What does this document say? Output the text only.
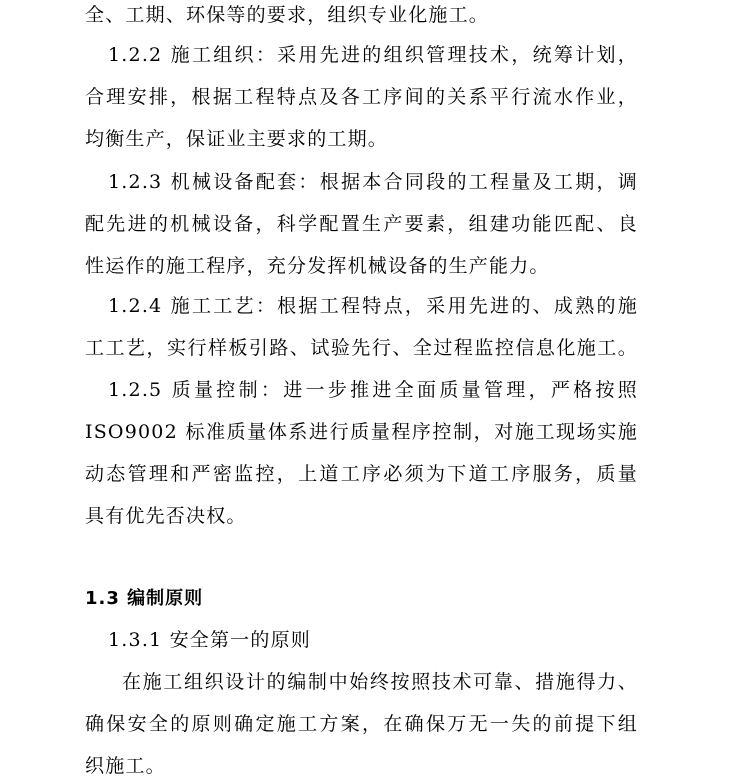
全、工期、环保等的要求，组织专业化施工。
1.2.2 施工组织：采用先进的组织管理技术，统筹计划，
合理安排，根据工程特点及各工序间的关系平行流水作业，
均衡生产，保证业主要求的工期。
1.2.3 机械设备配套：根据本合同段的工程量及工期，调
配先进的机械设备，科学配置生产要素，组建功能匹配、良
性运作的施工程序，充分发挥机械设备的生产能力。
1.2.4 施工工艺：根据工程特点，采用先进的、成熟的施
工工艺，实行样板引路、试验先行、全过程监控信息化施工。
1.2.5 质量控制：进一步推进全面质量管理，严格按照
ISO9002 标准质量体系进行质量程序控制，对施工现场实施
动态管理和严密监控，上道工序必须为下道工序服务，质量
具有优先否决权。
1.3 编制原则
1.3.1 安全第一的原则
在施工组织设计的编制中始终按照技术可靠、措施得力、
确保安全的原则确定施工方案，在确保万无一失的前提下组
织施工。
